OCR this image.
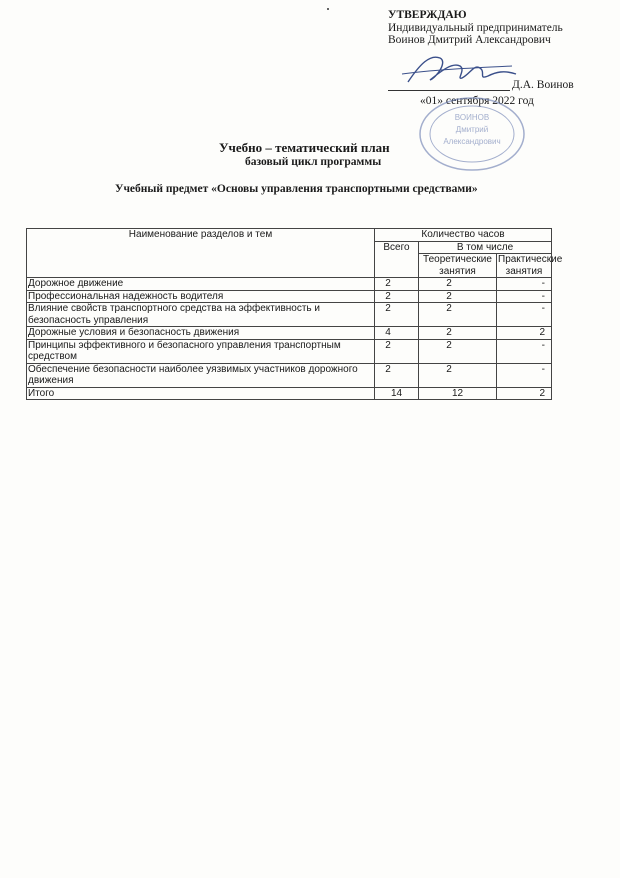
УТВЕРЖДАЮ
Индивидуальный предприниматель
Воинов Дмитрий Александрович
Д.А. Воинов
«01» сентября 2022 год
ВОИНОВ
Дмитрий
Александрович
Учебно – тематический план
базовый цикл программы
Учебный предмет «Основы управления транспортными средствами»
Наименование разделов и тем	Количество часов		
	Всего	В том числе	
		Теоретические занятия	Практические занятия
Дорожное движение	2	2	-
Профессиональная надежность водителя	2	2	-
Влияние свойств транспортного средства на эффективность и безопасность управления	2	2	-
Дорожные условия и безопасность движения	4	2	2
Принципы эффективного и безопасного управления транспортным средством	2	2	-
Обеспечение безопасности наиболее уязвимых участников дорожного движения	2	2	-
Итого	14	12	2
